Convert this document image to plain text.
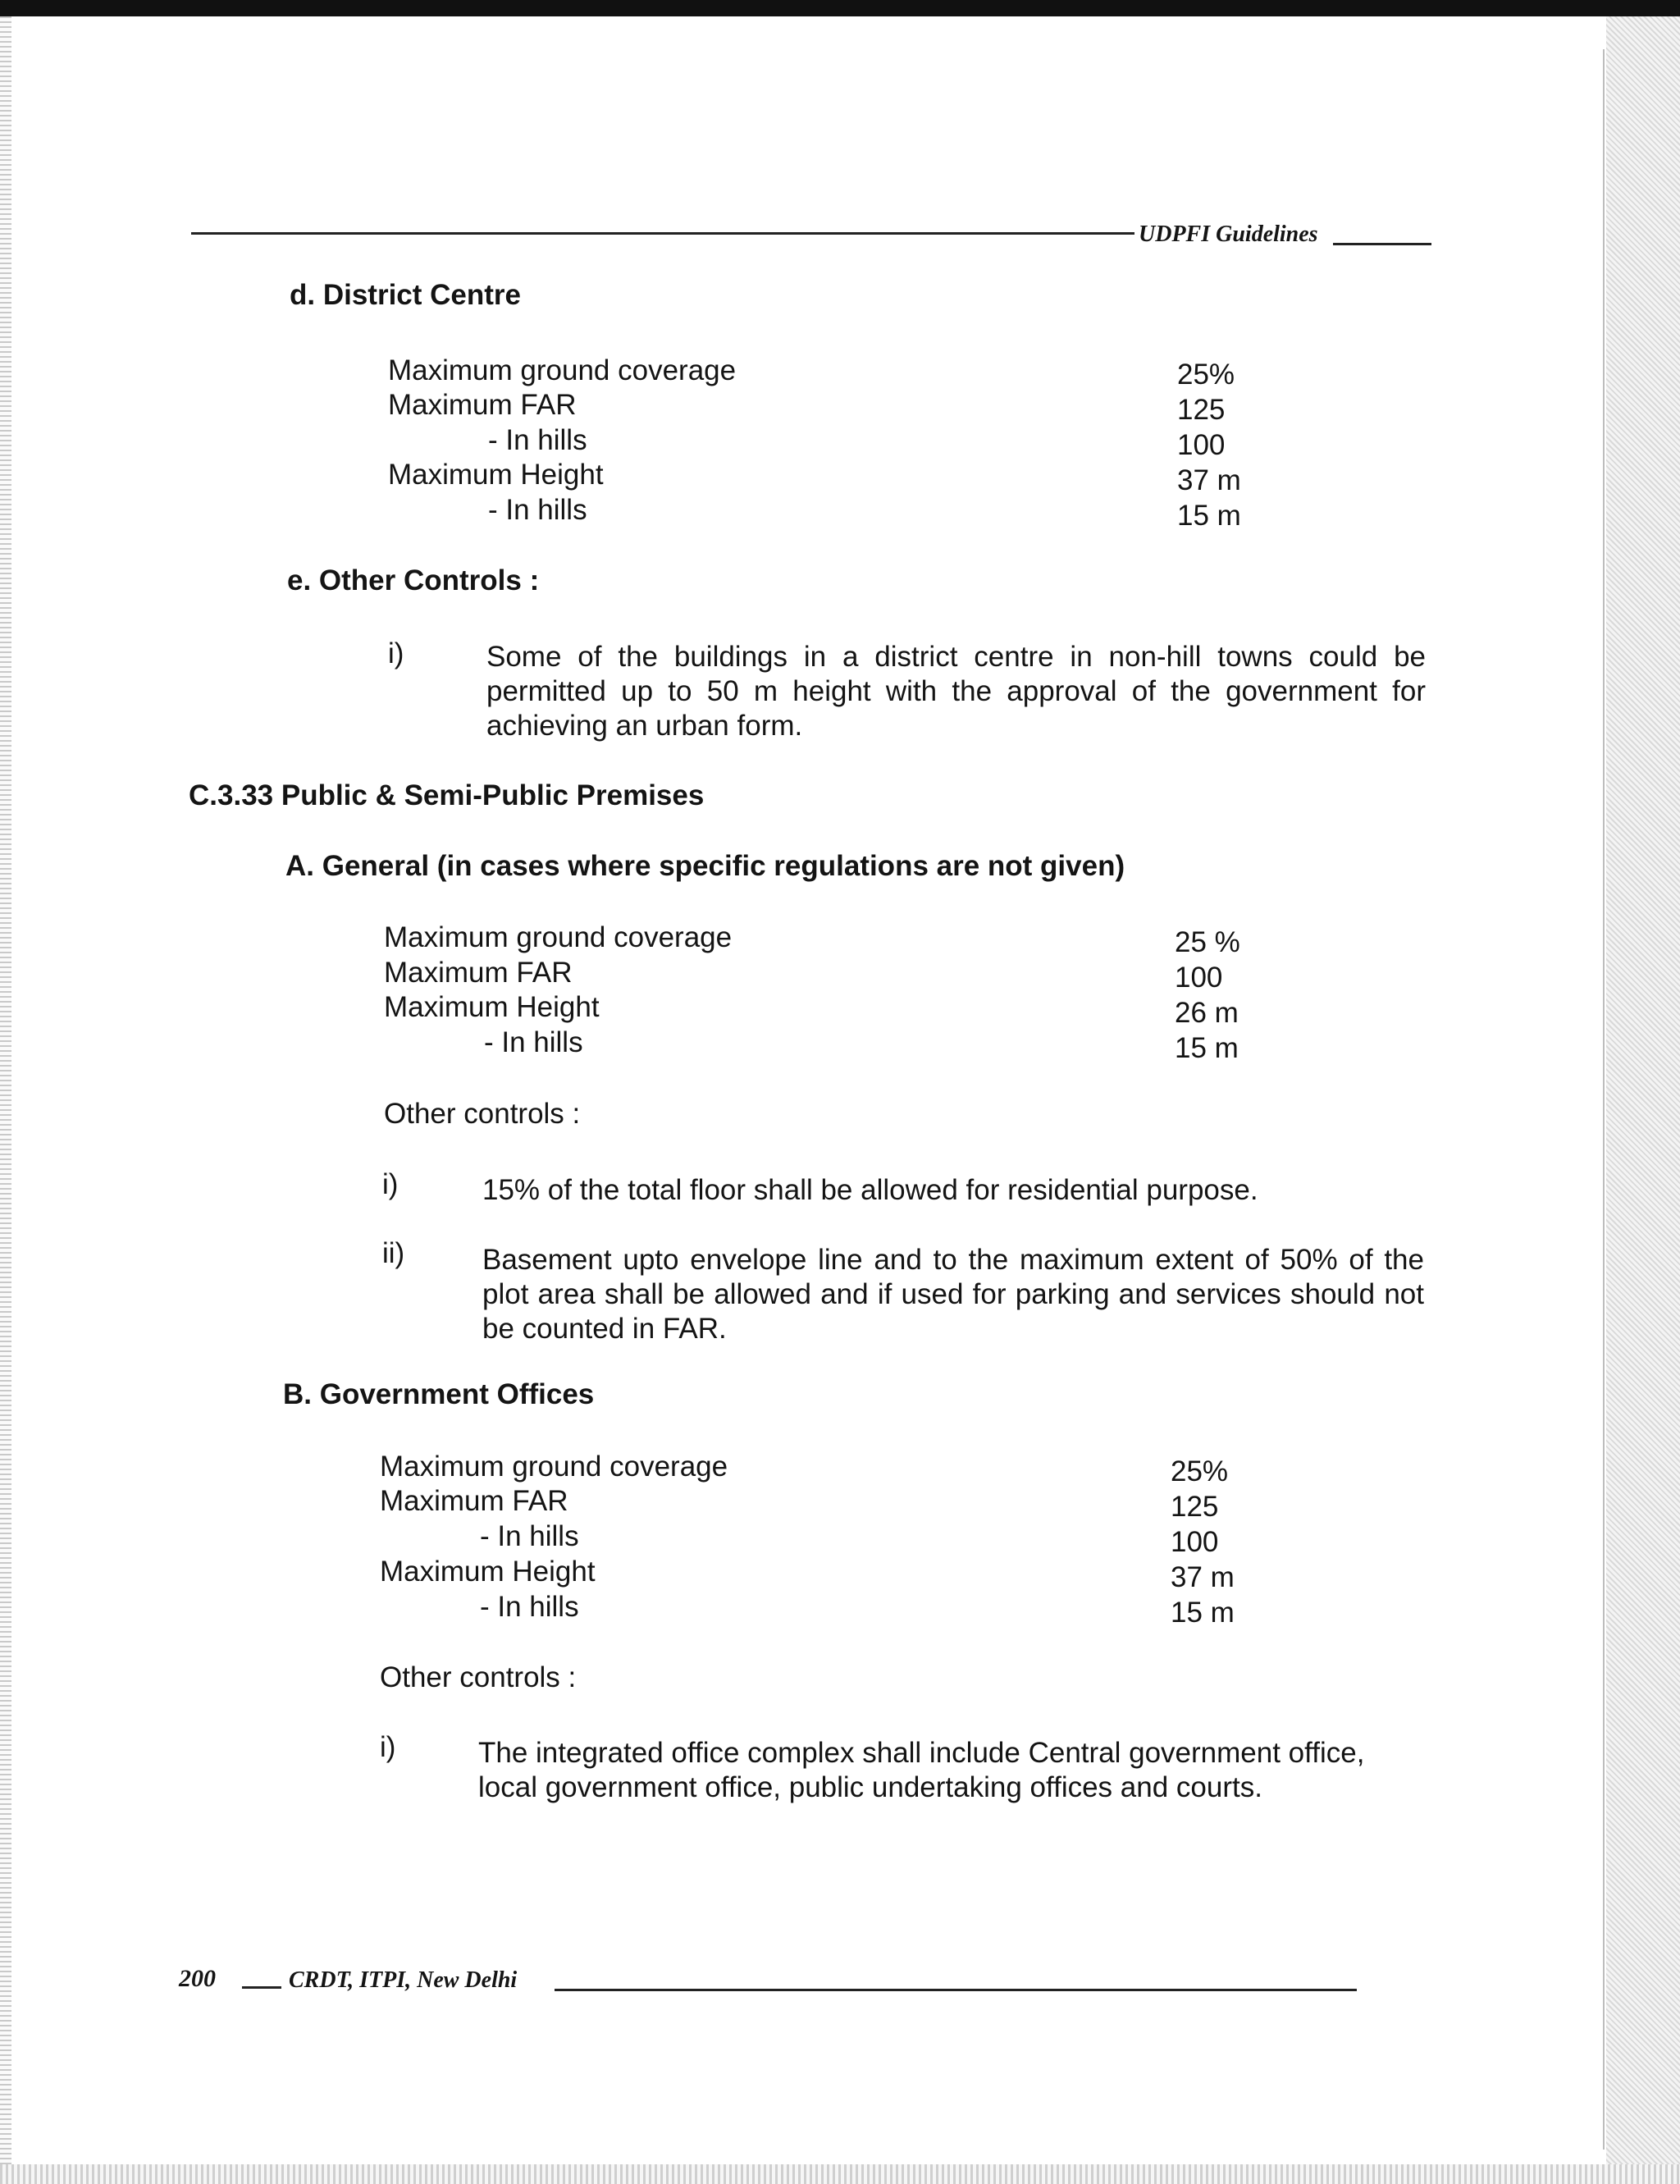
UDPFI Guidelines
d. District Centre
Maximum ground coverage	25%
Maximum FAR	125
- In hills	100
Maximum Height	37 m
- In hills	15 m
e. Other Controls :
i)	Some of the buildings in a district centre in non-hill towns could be permitted up to 50 m height with the approval of the government for achieving an urban form.
C.3.33 Public & Semi-Public Premises
A. General (in cases where specific regulations are not given)
Maximum ground coverage	25 %
Maximum FAR	100
Maximum Height	26 m
- In hills	15 m
Other controls :
i)	15% of the total floor shall be allowed for residential purpose.
ii)	Basement upto envelope line and to the maximum extent of 50% of the plot area shall be allowed and if used for parking and services should not be counted in FAR.
B. Government Offices
Maximum ground coverage	25%
Maximum FAR	125
- In hills	100
Maximum Height	37 m
- In hills	15 m
Other controls :
i)	The integrated office complex shall include Central government office, local government office, public undertaking offices and courts.
200	CRDT, ITPI, New Delhi
